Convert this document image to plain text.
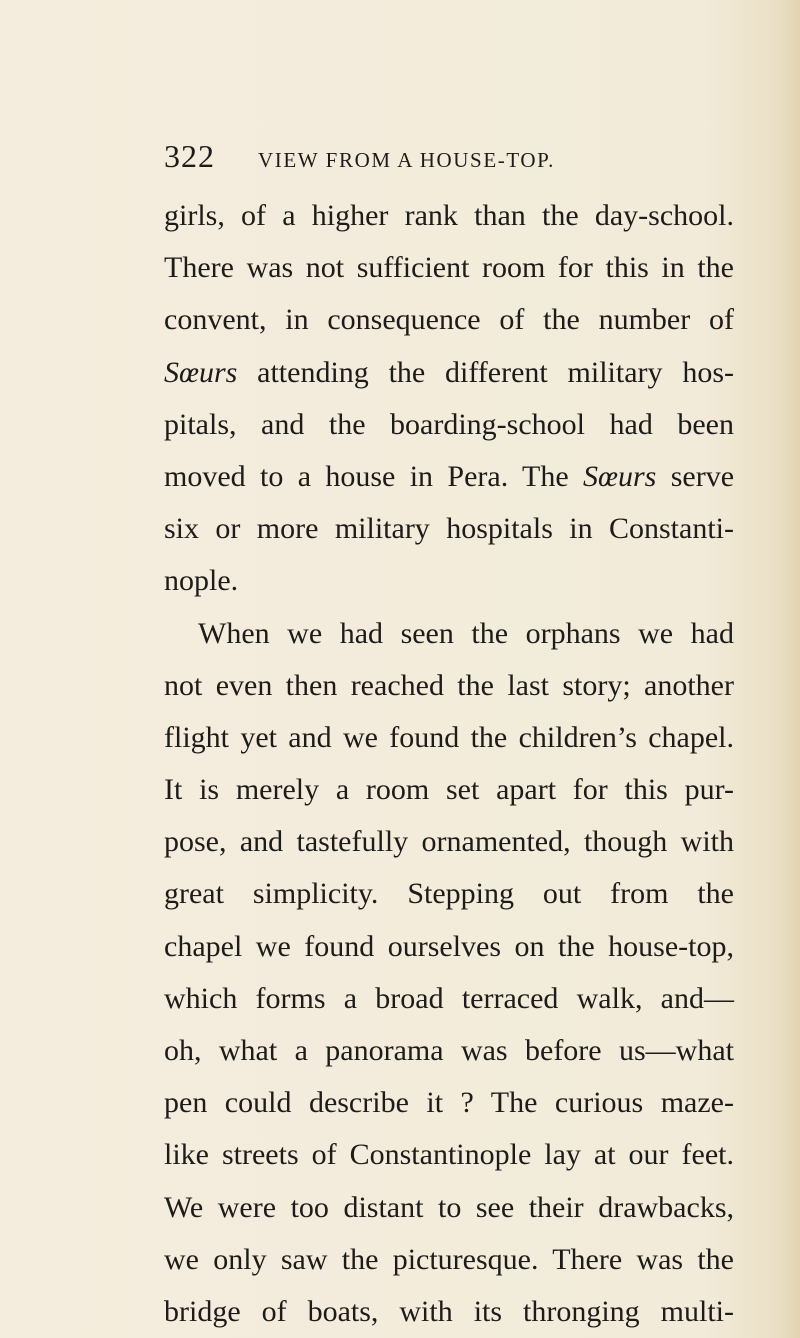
322 VIEW FROM A HOUSE-TOP.
girls, of a higher rank than the day-school.
There was not sufficient room for this in the
convent, in consequence of the number of
Sœurs attending the different military hos-
pitals, and the boarding-school had been
moved to a house in Pera. The Sœurs serve
six or more military hospitals in Constanti-
nople.
When we had seen the orphans we had
not even then reached the last story; another
flight yet and we found the children’s chapel.
It is merely a room set apart for this pur-
pose, and tastefully ornamented, though with
great simplicity. Stepping out from the
chapel we found ourselves on the house-top,
which forms a broad terraced walk, and—
oh, what a panorama was before us—what
pen could describe it ? The curious maze-
like streets of Constantinople lay at our feet.
We were too distant to see their drawbacks,
we only saw the picturesque. There was the
bridge of boats, with its thronging multi-
